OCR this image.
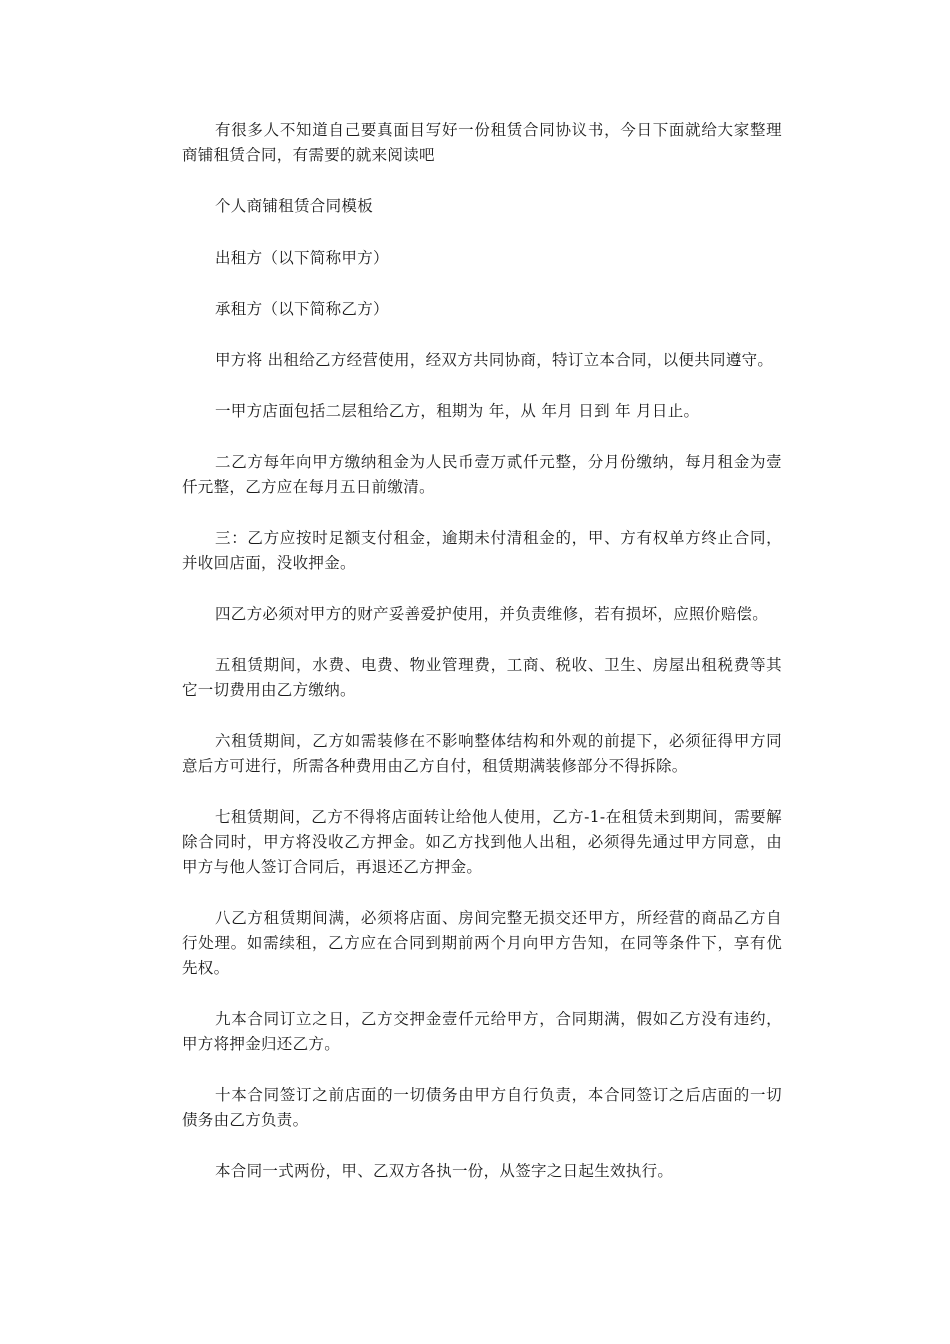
有很多人不知道自己要真面目写好一份租赁合同协议书，今日下面就给大家整理商铺租赁合同，有需要的就来阅读吧

个人商铺租赁合同模板

出租方（以下简称甲方）

承租方（以下简称乙方）

甲方将 出租给乙方经营使用，经双方共同协商，特订立本合同，以便共同遵守。

一甲方店面包括二层租给乙方，租期为 年，从 年月 日到 年 月日止。

二乙方每年向甲方缴纳租金为人民币壹万贰仟元整，分月份缴纳，每月租金为壹仟元整，乙方应在每月五日前缴清。

三：乙方应按时足额支付租金，逾期未付清租金的，甲、方有权单方终止合同，并收回店面，没收押金。

四乙方必须对甲方的财产妥善爱护使用，并负责维修，若有损坏，应照价赔偿。

五租赁期间，水费、电费、物业管理费，工商、税收、卫生、房屋出租税费等其它一切费用由乙方缴纳。

六租赁期间，乙方如需装修在不影响整体结构和外观的前提下，必须征得甲方同意后方可进行，所需各种费用由乙方自付，租赁期满装修部分不得拆除。

七租赁期间，乙方不得将店面转让给他人使用，乙方-1-在租赁未到期间，需要解除合同时，甲方将没收乙方押金。如乙方找到他人出租，必须得先通过甲方同意，由甲方与他人签订合同后，再退还乙方押金。

八乙方租赁期间满，必须将店面、房间完整无损交还甲方，所经营的商品乙方自行处理。如需续租，乙方应在合同到期前两个月向甲方告知，在同等条件下，享有优先权。

九本合同订立之日，乙方交押金壹仟元给甲方，合同期满，假如乙方没有违约，甲方将押金归还乙方。

十本合同签订之前店面的一切债务由甲方自行负责，本合同签订之后店面的一切债务由乙方负责。

本合同一式两份，甲、乙双方各执一份，从签字之日起生效执行。
